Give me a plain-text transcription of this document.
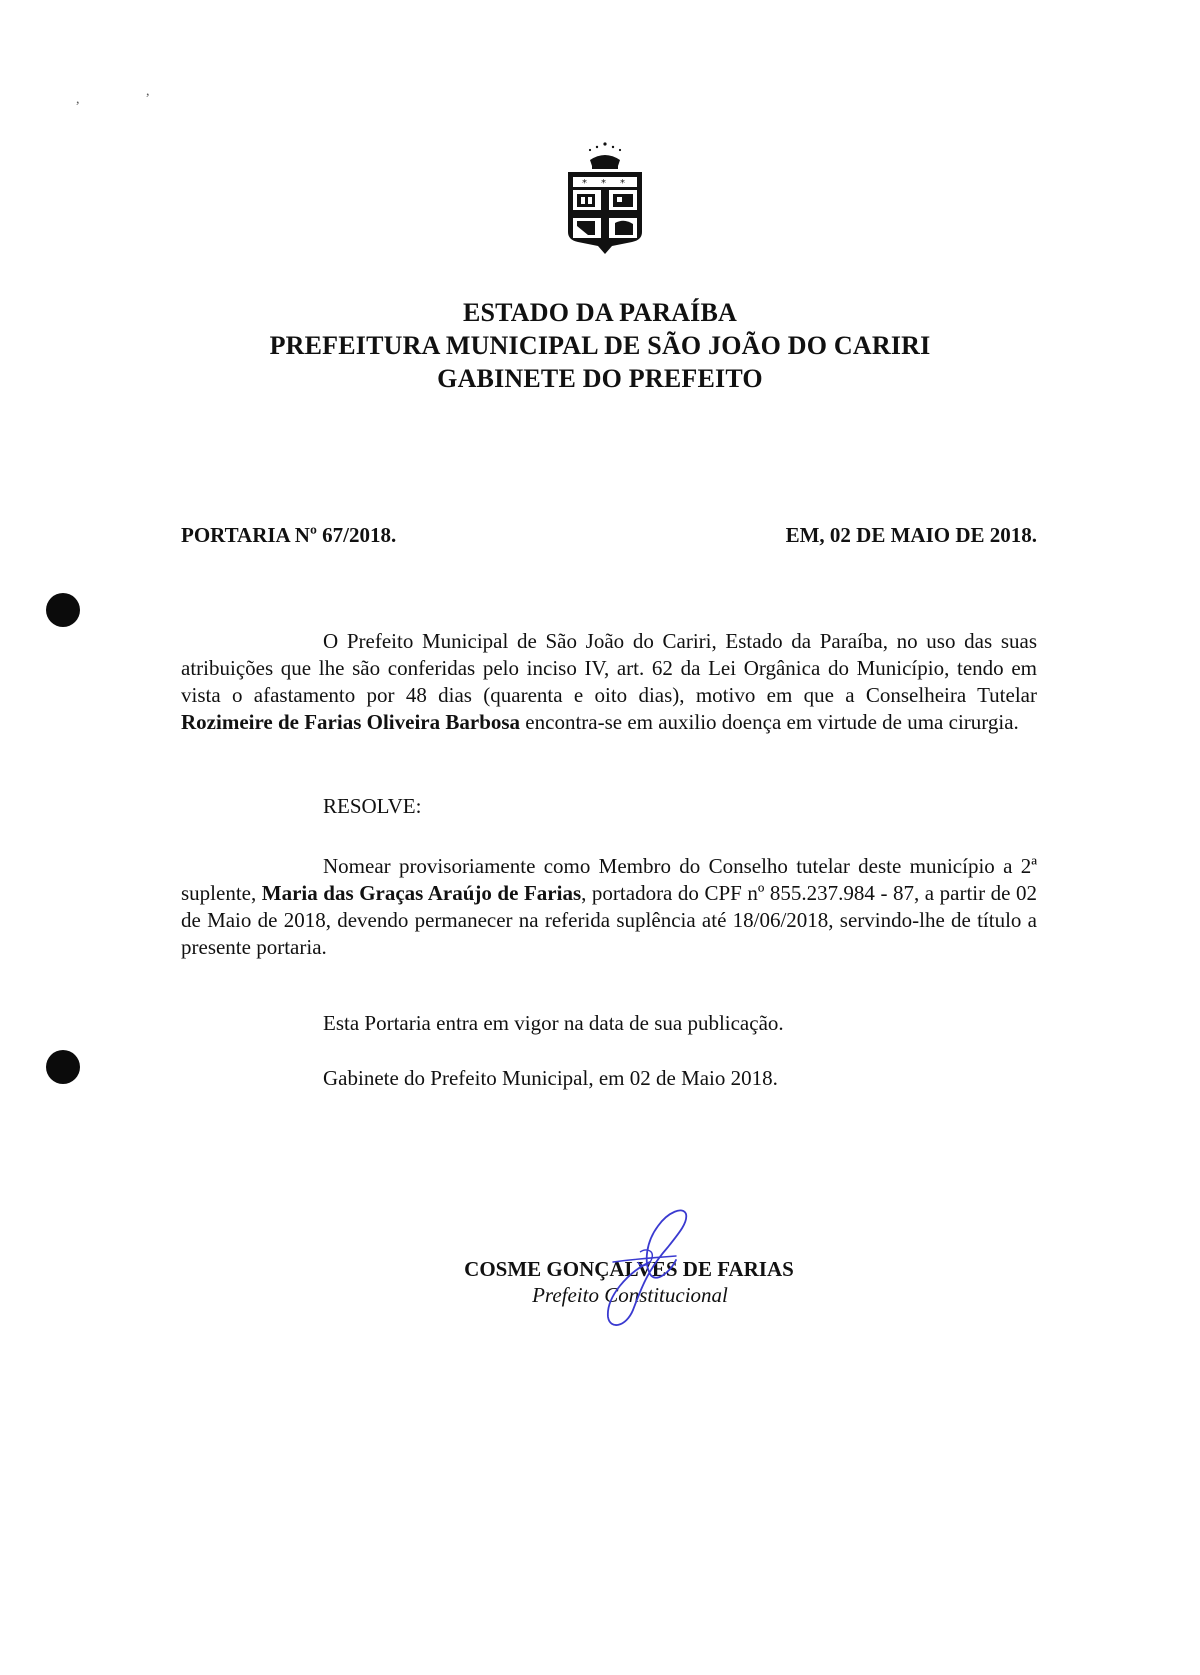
,
,
* * *
ESTADO DA PARAÍBA
PREFEITURA MUNICIPAL DE SÃO JOÃO DO CARIRI
GABINETE DO PREFEITO
PORTARIA Nº 67/2018.	EM, 02 DE MAIO DE 2018.
O Prefeito Municipal de São João do Cariri, Estado da Paraíba, no uso das suas atribuições que lhe são conferidas pelo inciso IV, art. 62 da Lei Orgânica do Município, tendo em vista o afastamento por 48 dias (quarenta e oito dias), motivo em que a Conselheira Tutelar Rozimeire de Farias Oliveira Barbosa encontra-se em auxilio doença em virtude de uma cirurgia.
RESOLVE:
Nomear provisoriamente como Membro do Conselho tutelar deste município a 2ª suplente, Maria das Graças Araújo de Farias, portadora do CPF nº 855.237.984 - 87, a partir de 02 de Maio de 2018, devendo permanecer na referida suplência até 18/06/2018, servindo-lhe de título a presente portaria.
Esta Portaria entra em vigor na data de sua publicação.
Gabinete do Prefeito Municipal, em 02 de Maio 2018.
COSME GONÇALVES DE FARIAS
Prefeito Constitucional
